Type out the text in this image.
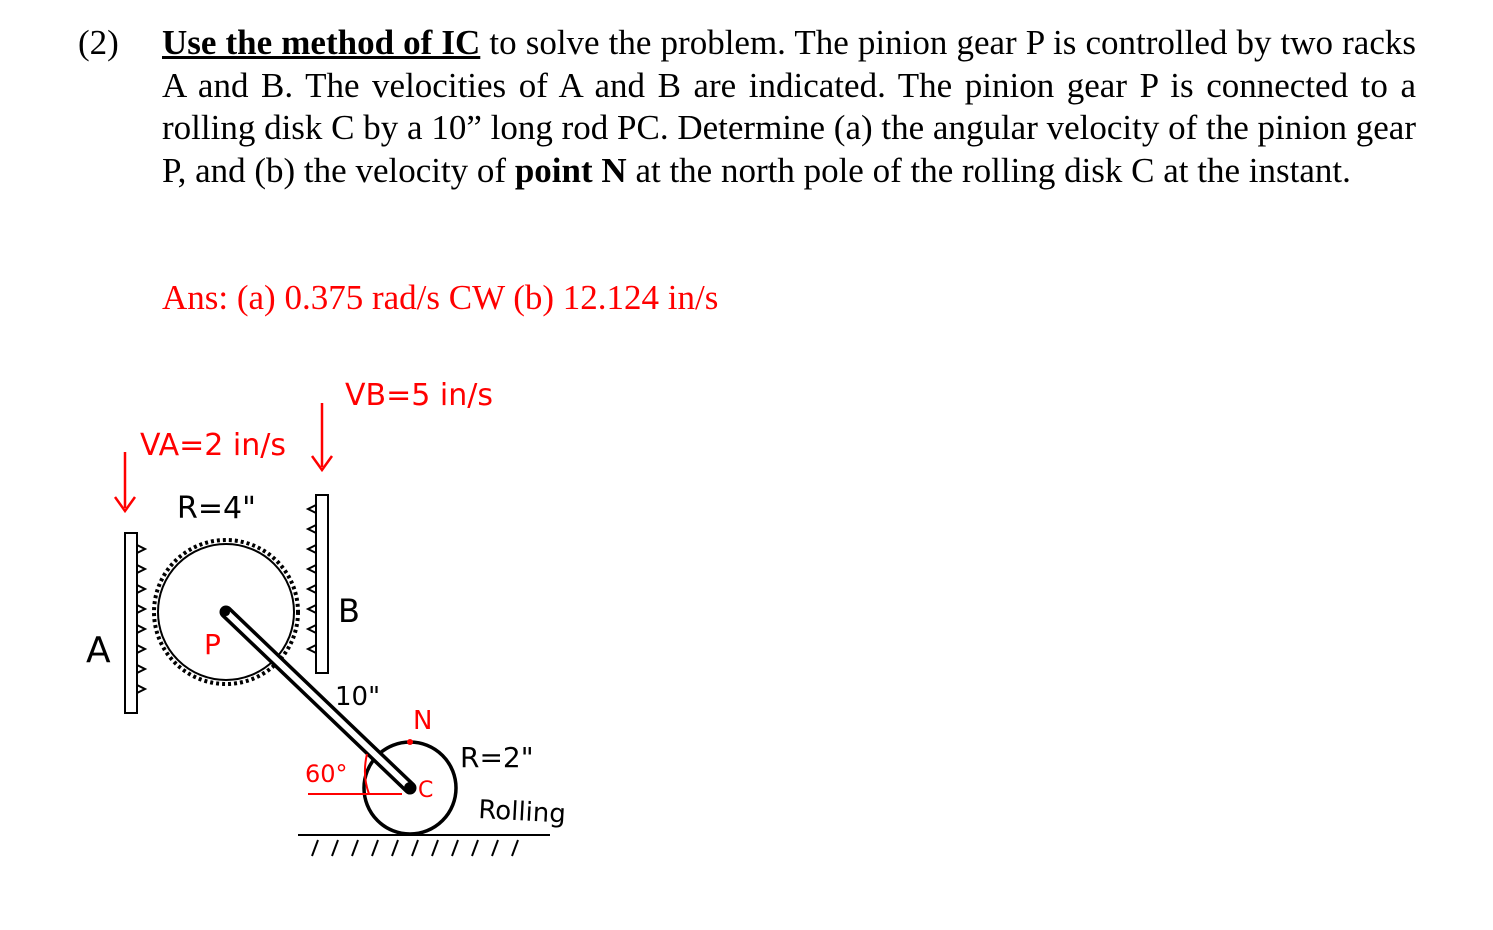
(2) Use the method of IC to solve the problem. The pinion gear P is controlled by two racks A and B. The velocities of A and B are indicated. The pinion gear P is connected to a rolling disk C by a 10” long rod PC. Determine (a) the angular velocity of the pinion gear P, and (b) the velocity of point N at the north pole of the rolling disk C at the instant.
Ans: (a) 0.375 rad/s CW (b) 12.124 in/s
VA=2 in/s
VB=5 in/s
R=4"
A
B
P
10"
60°
N
C
R=2"
Rolling
